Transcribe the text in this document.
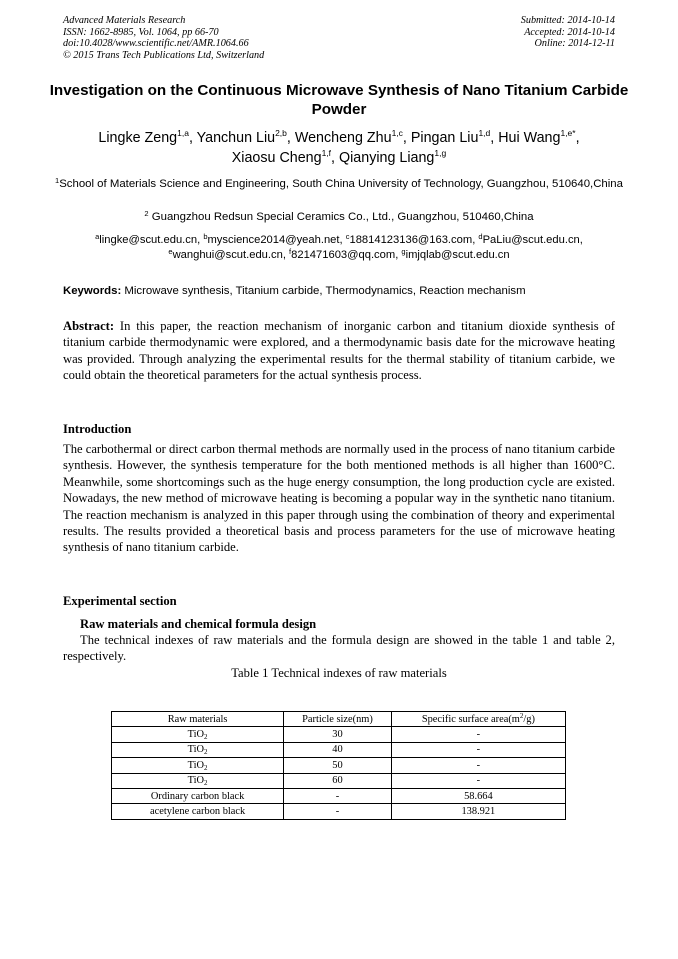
Advanced Materials Research
ISSN: 1662-8985, Vol. 1064, pp 66-70
doi:10.4028/www.scientific.net/AMR.1064.66
© 2015 Trans Tech Publications Ltd, Switzerland
Submitted: 2014-10-14
Accepted: 2014-10-14
Online: 2014-12-11
Investigation on the Continuous Microwave Synthesis of Nano Titanium Carbide Powder
Lingke Zeng$^{1,a}$, Yanchun Liu$^{2,b}$, Wencheng Zhu$^{1,c}$, Pingan Liu$^{1,d}$, Hui Wang$^{1,e*}$,
Xiaosu Cheng$^{1,f}$, Qianying Liang$^{1,g}$
$^1$School of Materials Science and Engineering, South China University of Technology, Guangzhou, 510640,China
$^2$ Guangzhou Redsun Special Ceramics Co., Ltd., Guangzhou, 510460,China
$^a$lingke@scut.edu.cn, $^b$myscience2014@yeah.net, $^c$18814123136@163.com, $^d$PaLiu@scut.edu.cn,
$^e$wanghui@scut.edu.cn, $^f$821471603@qq.com, $^g$imjqlab@scut.edu.cn
Keywords: Microwave synthesis, Titanium carbide, Thermodynamics, Reaction mechanism
Abstract: In this paper, the reaction mechanism of inorganic carbon and titanium dioxide synthesis of titanium carbide thermodynamic were explored, and a thermodynamic basis date for the microwave heating was provided. Through analyzing the experimental results for the thermal stability of titanium carbide, we could obtain the theoretical parameters for the actual synthesis process.
Introduction
The carbothermal or direct carbon thermal methods are normally used in the process of nano titanium carbide synthesis. However, the synthesis temperature for the both mentioned methods is all higher than 1600°C. Meanwhile, some shortcomings such as the huge energy consumption, the long production cycle are existed. Nowadays, the new method of microwave heating is becoming a popular way in the synthetic nano titanium. The reaction mechanism is analyzed in this paper through using the combination of theory and experimental results. The results provided a theoretical basis and process parameters for the use of microwave heating synthesis of nano titanium carbide.
Experimental section
Raw materials and chemical formula design
The technical indexes of raw materials and the formula design are showed in the table 1 and table 2, respectively.
Table 1 Technical indexes of raw materials
Raw materials	Particle size(nm)	Specific surface $area(m^2/g)$
TiO$_2$	30	-
TiO$_2$	40	-
TiO$_2$	50	-
TiO$_2$	60	-
Ordinary carbon black	-	58.664
acetylene carbon black	-	138.921
